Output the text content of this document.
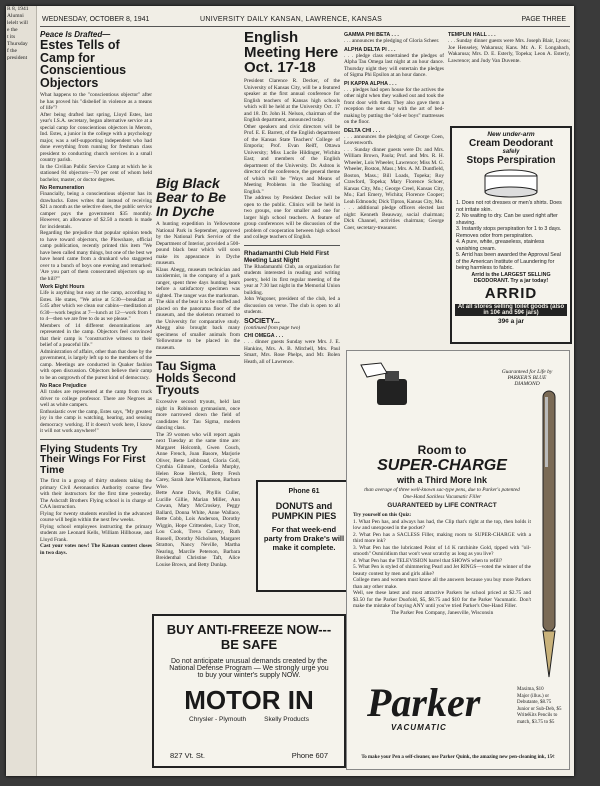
R 8, 1941
Alumni
lelelt will
e the
t its
Thursday
f the
president
WEDNESDAY, OCTOBER 8, 1941	UNIVERSITY DAILY KANSAN, LAWRENCE, KANSAS	PAGE THREE
Peace Is Drafted—
Estes Tells of Camp for Conscientious Objectors

What happens to the "conscientious objector" after he has proved his "disbelief in violence as a means of life"?

After being drafted last spring, Lloyd Estes, last year's I.S.A. secretary, began alternative service at a special camp for conscientious objectors in Merom, Ind. Estes, a junior in the college with a psychology major, was a self-supporting independent who had done everything from running for freshman class president to conducting church services in a small country parish.

In the Civilian Public Service Camp at which he is stationed 84 objectors—70 per cent of whom held bachelor, master, or doctor degrees.

No Remuneration

Financially, being a conscientious objector has its drawbacks. Estes writes that instead of receiving $21 a month as the selective does, the public service camper pays the government $35 monthly. However, an allowance of $2.50 a month is made for incidentals.

Regarding the prejudice that popular opinion tends to have toward objectors, the Plowshare, official camp publication, recently printed this item "We have been called many things, but one of the best we have heard came from a drunkard who staggered over to a bunch of boys one evening and remarked: 'Are you part of them consecrated objectors up on the hill?'"

Work Eight Hours

Life is anything but easy at the camp, according to Estes. He states, "We arise at 5:30—breakfast at 5:45 after which we clean our cabins—meditation at 6:30—work begins at 7—lunch at 12—work from 1 to 4—then we are free to do as we please."

Members of 14 different denominations are represented in the camp. Objectors feel convinced that their camp is "constructive witness to their belief of a peaceful life."

Administration of affairs, other than that done by the government, is largely left up to the members of the camp. Meetings are conducted in Quaker fashion with open discussion. Objectors believe their camp to be an outgrowth of the purest kind of democracy.

No Race Prejudice

All trades are represented at the camp from truck driver to college professor. There are Negroes as well as white campers.

Enthusiastic over the camp, Estes says, "My greatest joy in the camp is watching, hearing, and sensing democracy working. If it doesn't work here, I know it will not work anywhere!"

Flying Students Try Their Wings For First Time

The first in a group of thirty students taking the primary Civil Aeronautics Authority course flew with their instructors for the first time yesterday. The Ashcraft Brothers Flying school is in charge of CAA instruction.

Flying for twenty students enrolled in the advanced course will begin within the next few weeks.

Flying school employees instructing the primary students are Leonard Kells, William Hillhouse, and Lloyd Frank.

Cast your votes now! The Kansan contest closes in two days.

Big Black Bear to Be In Dyche

A hunting expedition in Yellowstone National Park in September, approved by the National Park Service of the Department of Interior, provided a 500-pound black bear which will soon make its appearance in Dyche museum.

Klaus Abegg, museum technician and taxidermist, in the company of a park ranger, spent three days hunting bears before a satisfactory specimen was sighted. The ranger was the marksman.

The skin of the bear is to be stuffed and placed on the panorama floor of the museum, and the skeleton returned to the University for comparative study. Abegg also brought back many specimens of smaller animals from Yellowstone to be placed in the museum.

Tau Sigma Holds Second Tryouts

Excessive second tryouts, held last night in Robinson gymnasium, once more narrowed down the field of candidates for Tau Sigma, modern dancing class.

The 39 women who will report again next Tuesday at the same time are: Margaret Holcomb, Gwen Couch, Anne French, Joan Basore, Marjorie Oliver, Bette Leibbrand, Gloria Goll, Cynthia Gilmore, Cordelia Murphy, Helen Rose Herrick, Betty Fresh Carey, Sarah Jane Williamson, Barbara Wise.

Bette Anne Davis, Phyllis Culler, Lucille Gillie, Marian Miller, Ann Cowan, Mary McCroskey, Peggy Ballard, Donna White, Anne Wallace, Bette Cobb, Lois Anderson, Dorothy Wiggin, Hope Crittenden, Lucy Trott, Lou Cook, Treva Camery, Ruth Russell, Dorothy Nicholson, Margaret Stratton, Nancy Neville, Martha Nearing, Marcile Peterson, Barbara Breidenthal Christine Taft, Alice Louise Brown, and Betty Dunlap.

English Meeting Here Oct. 17-18

President Clarence R. Decker, of the University of Kansas City, will be a featured speaker at the first annual conference for English teachers of Kansas high schools which will be held at the University Oct. 17 and 18. Dr. John H. Nelson, chairman of the English department, announced today.

Other speakers and civic directors will be Prof. E. E. Barrett, of the English department of the Kansas State Teachers' College of Emporia; Prof. Evan Reiff, Ottawa University; Miss Lucile Hildinger, Wichita East; and members of the English department of the University. Dr. Ashton is director of the conference, the general theme of which will be "Ways and Means of Meeting Problems in the Teaching of English."

The address by President Decker will be open to the public. Clinics will be held in two groups, one for smaller and one for larger high school teachers. A feature of group conferences will be discussion of the problem of cooperation between high school and college teachers of English.

Rhadamanthi Club Held First Meeting Last Night

The Rhadamanthi Club, an organization for students interested in reading and writing poetry, held its first regular meeting of the year at 7:30 last night in the Memorial Union building.

John Wagoner, president of the club, led a discussion on verse. The club is open to all students.

SOCIETY...

(continued from page two)

CHI OMEGA . . .

. . . dinner guests Sunday were Mrs. J. E. Hankins, Mrs. A. B. Mitchell, Mrs. Paul Smart, Mrs. Rose Phelps, and Mr. Bolen Heath, all of Lawrence.

Phone 61
DONUTS and
PUMPKIN PIES
For that week-end party from Drake's will make it complete.

GAMMA PHI BETA . . .

. . . announces the pledging of Gloria Scheer.

ALPHA DELTA PI . . .

. . . pledge class entertained the pledges of Alpha Tau Omega last night at an hour dance. Thursday night they will entertain the pledges of Sigma Phi Epsilon at an hour dance.

PI KAPPA ALPHA . . .

. . . pledges had open house for the actives the other night when they walked out and took the front door with them. They also gave them a reception the next day with the art of bed-making by putting the "old-er boys" mattresses on the floor.

DELTA CHI . . .

. . . announces the pledging of George Coen, Leavenworth.

. . . Sunday dinner guests were Dr. and Mrs. William Brown, Paola; Prof. and Mrs. R. H. Wheeler, Lois Wheeler, Lawrence; Miss M. G. Wheeler, Boston, Mass.; Mrs. A. M. Duntfield, Boston, Mass.; Bill Loads, Topeka; Roy Crawford, Topeka; Mary Florence Schoer, Kansas City, Mo.; George Creel, Kansas City, Mo.; Earl Emery, Wichita; Florence Cooper; Leah Edmonds; Dick Tipton, Kansas City, Mo.

. . . additional pledge officers elected last night: Kenneth Beauway, social chairman; Dick Channel, activities chairman; George Coer, secretary-treasurer.

TEMPLIN HALL . . .

. . . Sunday dinner guests were Mrs. Joseph Blair, Lyons; Joe Henseley, Wakarusa; Kans. Mr. A. F. Longabach, Wakarusa; Mrs. D. E. Esterly, Topeka; Leon A. Esterly, Lawrence; and Judy Van Duvente.

New under-arm
Cream Deodorant
safely
Stops Perspiration

1. Does not rot dresses or men's shirts. Does not irritate skin.

2. No waiting to dry. Can be used right after shaving.

3. Instantly stops perspiration for 1 to 3 days. Removes odor from perspiration.

4. A pure, white, greaseless, stainless vanishing cream.

5. Arrid has been awarded the Approval Seal of the American Institute of Laundering for being harmless to fabric.

Arrid is the LARGEST SELLING DEODORANT. Try a jar today!

ARRID
At all stores selling toilet goods (also in 10¢ and 59¢ jars)
39¢ a jar
Guaranteed for Life by PARKER'S BLUE DIAMOND
Room to
SUPER-CHARGE
with a Third More Ink
than average of three well-known sac-type pens, due to Parker's patented One-Hand Sackless Vacumatic Filler
GUARANTEED by LIFE CONTRACT

Try yourself on this Quiz:

1. What Pen has, and always has had, the Clip that's right at the top, then holds it low and unexposed in the pocket?

2. What Pen has a SACLESS Filler, making room to SUPER-CHARGE with a third more ink?

3. What Pen has the lubricated Point of 14 K ratchinite Gold, tipped with "oil-smooth" Osmiridium that won't wear scratchy as long as you live?

4. What Pen has the TELEVISION barrel that SHOWS when to refill?

5. What Pen is styled of shimmering Pearl and Jet RINGS—voted the winner of the beauty contest by men and girls alike?

College men and women must know all the answers because you buy more Parkers than any other make.

Well, see these latest and most attractive Parkers he school priced at $2.75 and $3.50 for the Parker Duofold, $5, $8.75 and $10 for the Parker Vacumatic. Don't make the mistake of buying ANY until you've tried Parker's One-Hand Filler.

The Parker Pen Company, Janesville, Wisconsin

Parker
VACUMATIC
Maxima, $10
Major (illus.) or Debutante, $8.75
Junior or Sub-Deb, $5
WriteKits Pencils to match, $3.75 to $5
To make your Pen a self-cleaner, use Parker Quink, the amazing new pen-cleaning ink, 15¢
BUY ANTI-FREEZE NOW---
BE SAFE
Do not anticipate unusual demands created by the National Defense Program — We strongly urge you to buy your winter's supply NOW.
MOTOR IN
Chrysler - Plymouth          Skelly Products
827 Vt. St.	Phone 607
